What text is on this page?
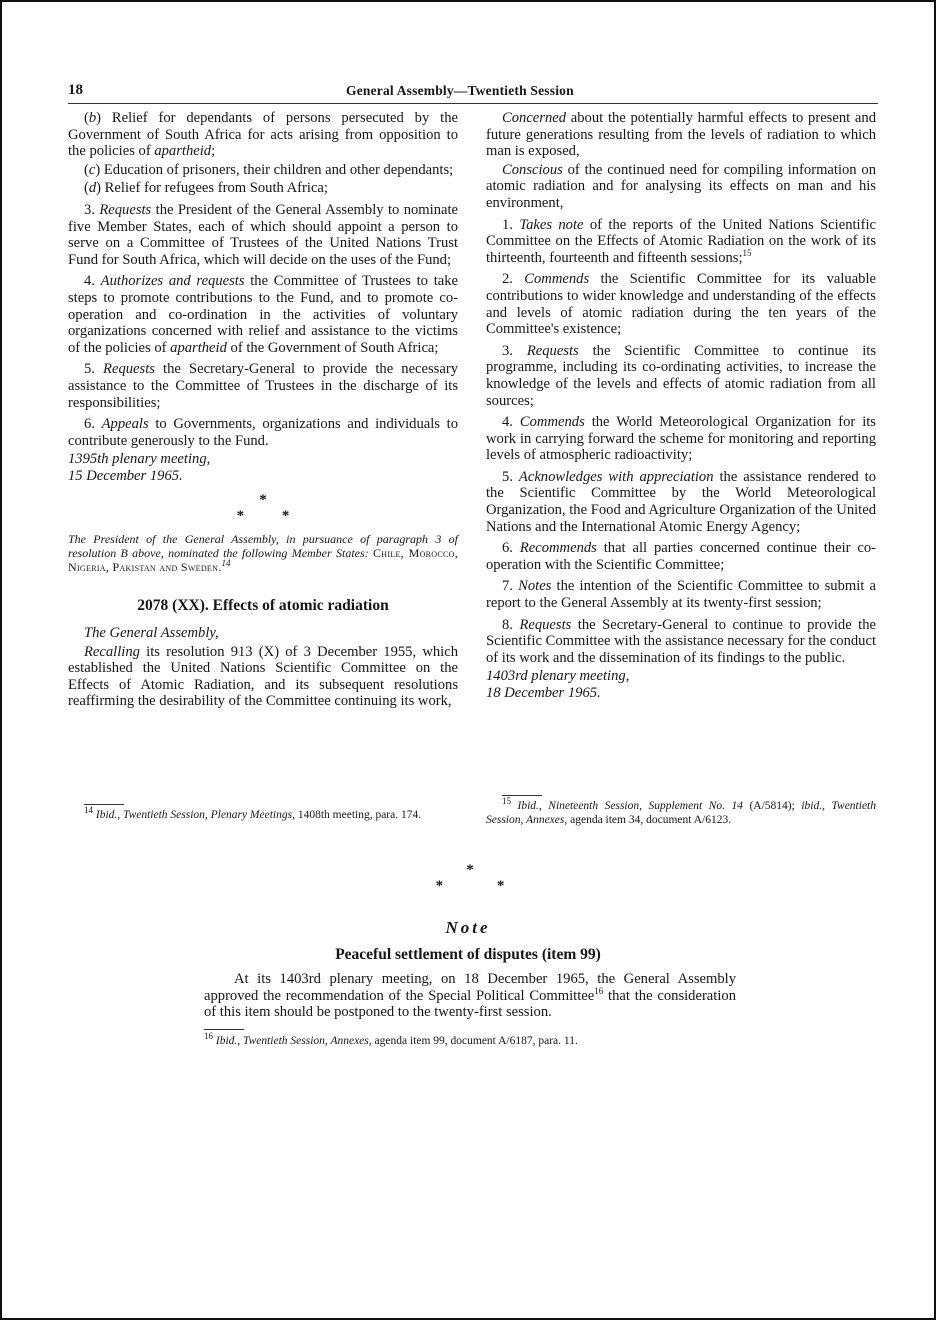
18	General Assembly—Twentieth Session

(b) Relief for dependants of persons persecuted by the Government of South Africa for acts arising from opposition to the policies of apartheid;

(c) Education of prisoners, their children and other dependants;

(d) Relief for refugees from South Africa;

3. Requests the President of the General Assembly to nominate five Member States, each of which should appoint a person to serve on a Committee of Trustees of the United Nations Trust Fund for South Africa, which will decide on the uses of the Fund;

4. Authorizes and requests the Committee of Trustees to take steps to promote contributions to the Fund, and to promote co-operation and co-ordination in the activities of voluntary organizations concerned with relief and assistance to the victims of the policies of apartheid of the Government of South Africa;

5. Requests the Secretary-General to provide the necessary assistance to the Committee of Trustees in the discharge of its responsibilities;

6. Appeals to Governments, organizations and individuals to contribute generously to the Fund.

1395th plenary meeting,
15 December 1965.

*
* *

The President of the General Assembly, in pursuance of paragraph 3 of resolution B above, nominated the following Member States: Chile, Morocco, Nigeria, Pakistan and Sweden.$^{14}$

2078 (XX). Effects of atomic radiation

The General Assembly,

Recalling its resolution 913 (X) of 3 December 1955, which established the United Nations Scientific Committee on the Effects of Atomic Radiation, and its subsequent resolutions reaffirming the desirability of the Committee continuing its work,

$^{14}$ Ibid., Twentieth Session, Plenary Meetings, 1408th meeting, para. 174.

Concerned about the potentially harmful effects to present and future generations resulting from the levels of radiation to which man is exposed,

Conscious of the continued need for compiling information on atomic radiation and for analysing its effects on man and his environment,

1. Takes note of the reports of the United Nations Scientific Committee on the Effects of Atomic Radiation on the work of its thirteenth, fourteenth and fifteenth sessions;$^{15}$

2. Commends the Scientific Committee for its valuable contributions to wider knowledge and understanding of the effects and levels of atomic radiation during the ten years of the Committee's existence;

3. Requests the Scientific Committee to continue its programme, including its co-ordinating activities, to increase the knowledge of the levels and effects of atomic radiation from all sources;

4. Commends the World Meteorological Organization for its work in carrying forward the scheme for monitoring and reporting levels of atmospheric radioactivity;

5. Acknowledges with appreciation the assistance rendered to the Scientific Committee by the World Meteorological Organization, the Food and Agriculture Organization of the United Nations and the International Atomic Energy Agency;

6. Recommends that all parties concerned continue their co-operation with the Scientific Committee;

7. Notes the intention of the Scientific Committee to submit a report to the General Assembly at its twenty-first session;

8. Requests the Secretary-General to continue to provide the Scientific Committee with the assistance necessary for the conduct of its work and the dissemination of its findings to the public.

1403rd plenary meeting,
18 December 1965.

$^{15}$ Ibid., Nineteenth Session, Supplement No. 14 (A/5814); ibid., Twentieth Session, Annexes, agenda item 34, document A/6123.

*
* *
Note
Peaceful settlement of disputes (item 99)

At its 1403rd plenary meeting, on 18 December 1965, the General Assembly approved the recommendation of the Special Political Committee$^{16}$ that the consideration of this item should be postponed to the twenty-first session.

$^{16}$ Ibid., Twentieth Session, Annexes, agenda item 99, document A/6187, para. 11.
